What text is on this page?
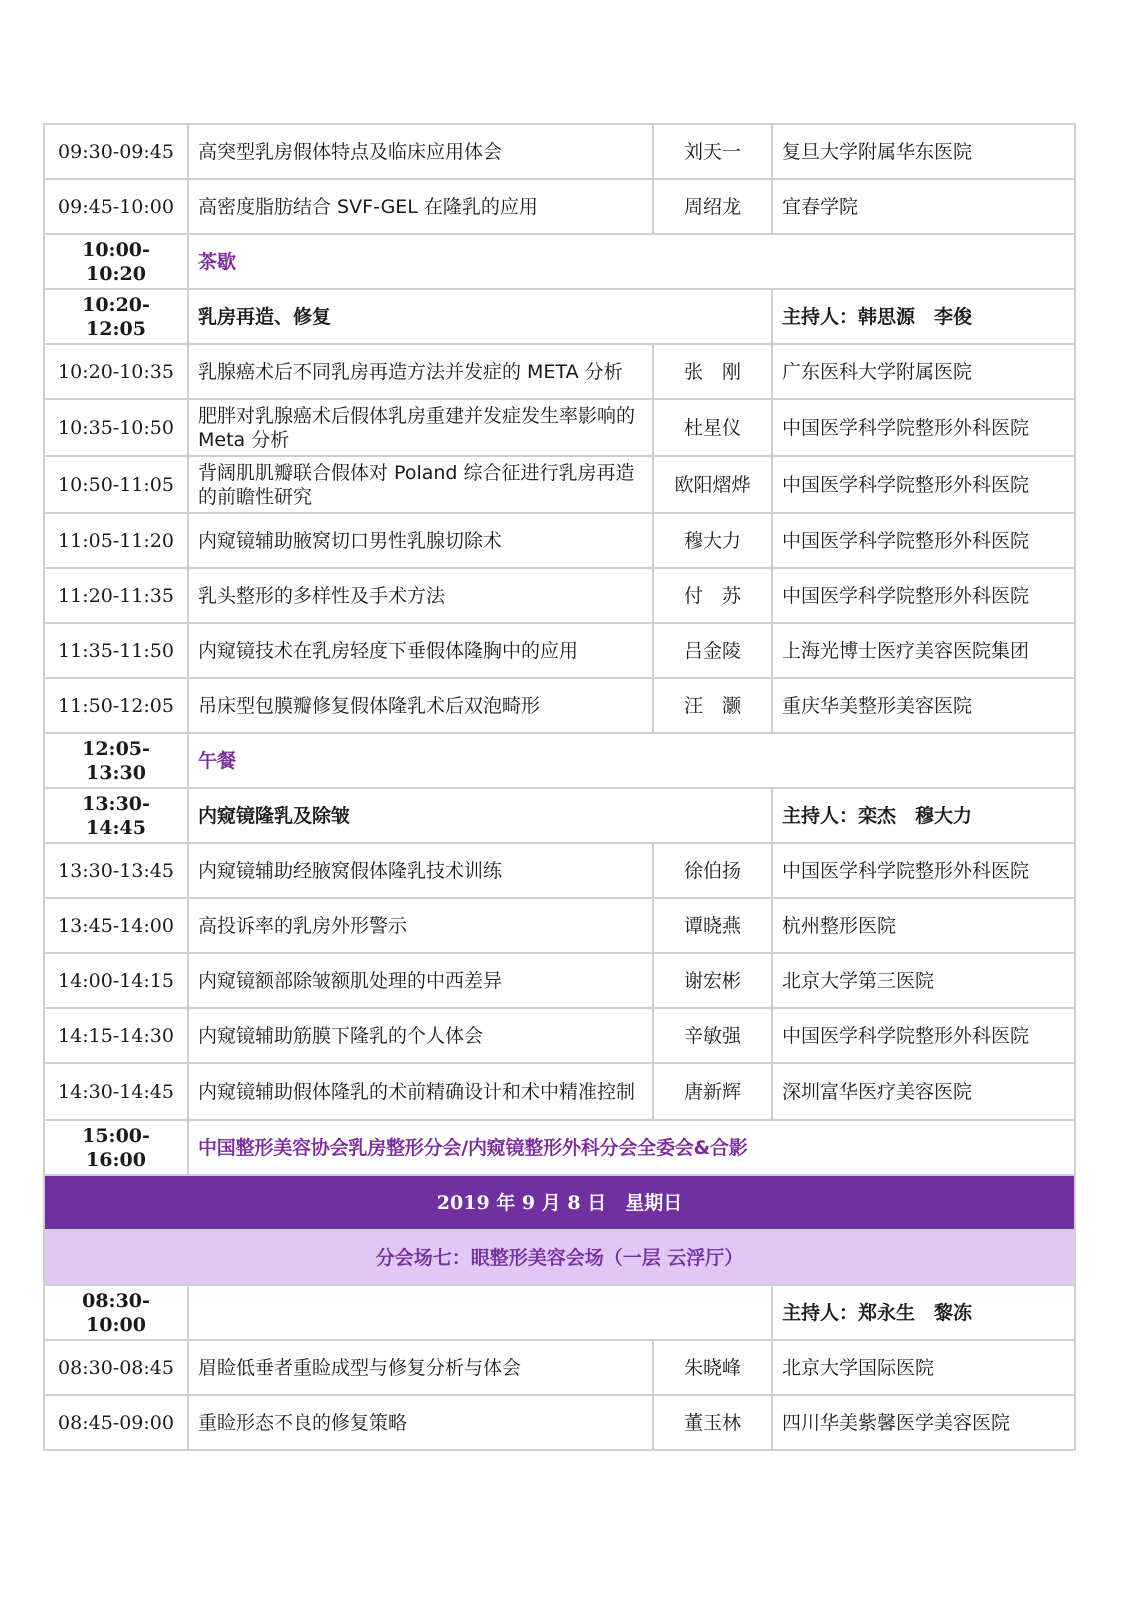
09:30-09:45	高突型乳房假体特点及临床应用体会	刘天一	复旦大学附属华东医院
09:45-10:00	高密度脂肪结合 SVF-GEL 在隆乳的应用	周绍龙	宜春学院
10:00-10:20	茶歇		
10:20-12:05	乳房再造、修复		主持人：韩思源　李俊
10:20-10:35	乳腺癌术后不同乳房再造方法并发症的 META 分析	张　刚	广东医科大学附属医院
10:35-10:50	肥胖对乳腺癌术后假体乳房重建并发症发生率影响的 Meta 分析	杜星仪	中国医学科学院整形外科医院
10:50-11:05	背阔肌肌瓣联合假体对 Poland 综合征进行乳房再造的前瞻性研究	欧阳熠烨	中国医学科学院整形外科医院
11:05-11:20	内窥镜辅助腋窝切口男性乳腺切除术	穆大力	中国医学科学院整形外科医院
11:20-11:35	乳头整形的多样性及手术方法	付　苏	中国医学科学院整形外科医院
11:35-11:50	内窥镜技术在乳房轻度下垂假体隆胸中的应用	吕金陵	上海光博士医疗美容医院集团
11:50-12:05	吊床型包膜瓣修复假体隆乳术后双泡畸形	汪　灏	重庆华美整形美容医院
12:05-13:30	午餐		
13:30-14:45	内窥镜隆乳及除皱		主持人：栾杰　穆大力
13:30-13:45	内窥镜辅助经腋窝假体隆乳技术训练	徐伯扬	中国医学科学院整形外科医院
13:45-14:00	高投诉率的乳房外形警示	谭晓燕	杭州整形医院
14:00-14:15	内窥镜额部除皱额肌处理的中西差异	谢宏彬	北京大学第三医院
14:15-14:30	内窥镜辅助筋膜下隆乳的个人体会	辛敏强	中国医学科学院整形外科医院
14:30-14:45	内窥镜辅助假体隆乳的术前精确设计和术中精准控制	唐新辉	深圳富华医疗美容医院
15:00-16:00	中国整形美容协会乳房整形分会/内窥镜整形外科分会全委会&合影		
2019 年 9 月 8 日　星期日			
分会场七：眼整形美容会场（一层 云浮厅）			
08:30-10:00			主持人：郑永生　黎冻
08:30-08:45	眉睑低垂者重睑成型与修复分析与体会	朱晓峰	北京大学国际医院
08:45-09:00	重睑形态不良的修复策略	董玉林	四川华美紫馨医学美容医院
